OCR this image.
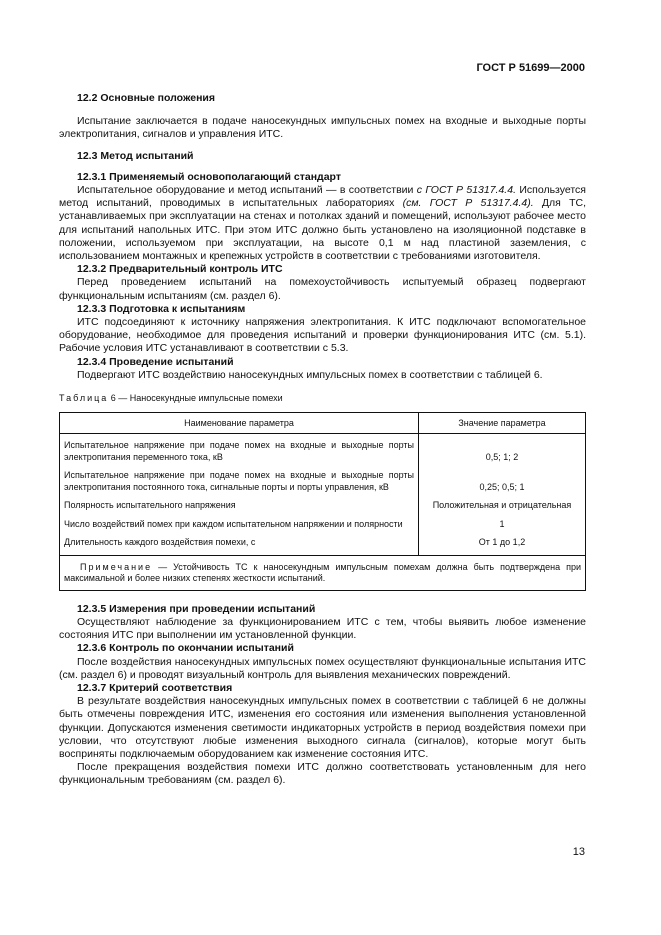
ГОСТ Р 51699—2000
12.2 Основные положения
Испытание заключается в подаче наносекундных импульсных помех на входные и выходные порты электропитания, сигналов и управления ИТС.
12.3 Метод испытаний
12.3.1 Применяемый основополагающий стандарт
Испытательное оборудование и метод испытаний — в соответствии с ГОСТ Р 51317.4.4. Используется метод испытаний, проводимых в испытательных лабораториях (см. ГОСТ Р 51317.4.4). Для ТС, устанавливаемых при эксплуатации на стенах и потолках зданий и помещений, используют рабочее место для испытаний напольных ИТС. При этом ИТС должно быть установлено на изоляционной подставке в положении, используемом при эксплуатации, на высоте 0,1 м над пластиной заземления, с использованием монтажных и крепежных устройств в соответствии с требованиями изготовителя.
12.3.2 Предварительный контроль ИТС
Перед проведением испытаний на помехоустойчивость испытуемый образец подвергают функциональным испытаниям (см. раздел 6).
12.3.3 Подготовка к испытаниям
ИТС подсоединяют к источнику напряжения электропитания. К ИТС подключают вспомогательное оборудование, необходимое для проведения испытаний и проверки функционирования ИТС (см. 5.1). Рабочие условия ИТС устанавливают в соответствии с 5.3.
12.3.4 Проведение испытаний
Подвергают ИТС воздействию наносекундных импульсных помех в соответствии с таблицей 6.
Таблица 6 — Наносекундные импульсные помехи
Наименование параметра	Значение параметра
Испытательное напряжение при подаче помех на входные и выходные порты электропитания переменного тока, кВ	0,5; 1; 2
Испытательное напряжение при подаче помех на входные и выходные порты электропитания постоянного тока, сигнальные порты и порты управления, кВ	0,25; 0,5; 1
Полярность испытательного напряжения	Положительная и отрицательная
Число воздействий помех при каждом испытательном напряжении и полярности	1
Длительность каждого воздействия помехи, с	От 1 до 1,2
Примечание — Устойчивость ТС к наносекундным импульсным помехам должна быть подтверждена при максимальной и более низких степенях жесткости испытаний.	
12.3.5 Измерения при проведении испытаний
Осуществляют наблюдение за функционированием ИТС с тем, чтобы выявить любое изменение состояния ИТС при выполнении им установленной функции.
12.3.6 Контроль по окончании испытаний
После воздействия наносекундных импульсных помех осуществляют функциональные испытания ИТС (см. раздел 6) и проводят визуальный контроль для выявления механических повреждений.
12.3.7 Критерий соответствия
В результате воздействия наносекундных импульсных помех в соответствии с таблицей 6 не должны быть отмечены повреждения ИТС, изменения его состояния или изменения выполнения установленной функции. Допускаются изменения светимости индикаторных устройств в период воздействия помехи при условии, что отсутствуют любые изменения выходного сигнала (сигналов), которые могут быть восприняты подключаемым оборудованием как изменение состояния ИТС.
После прекращения воздействия помехи ИТС должно соответствовать установленным для него функциональным требованиям (см. раздел 6).
13
